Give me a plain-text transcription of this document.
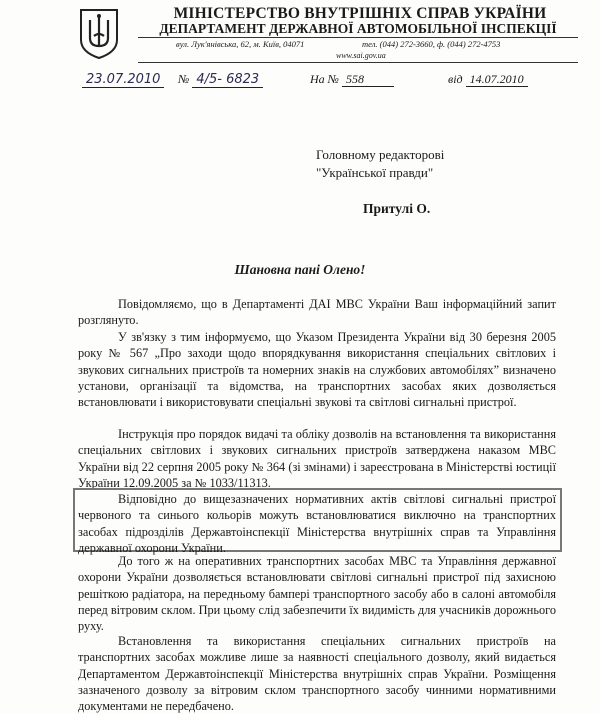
МІНІСТЕРСТВО ВНУТРІШНІХ СПРАВ УКРАЇНИ
ДЕПАРТАМЕНТ ДЕРЖАВНОЇ АВТОМОБІЛЬНОЇ ІНСПЕКЦІЇ
вул. Лук'янівська, 62, м. Київ, 04071	тел. (044) 272-3660, ф. (044) 272-4753
www.sai.gov.ua
23.07.2010	№ 4/5- 6823	На № 558	від 14.07.2010
Головному редакторові
"Української правди"
Притулі О.
Шановна пані Олено!

Повідомляємо, що в Департаменті ДАІ МВС України Ваш інформаційний запит розглянуто.

У зв'язку з тим інформуємо, що Указом Президента України від 30 березня 2005 року № 567 „Про заходи щодо впорядкування використання спеціальних світлових і звукових сигнальних пристроїв та номерних знаків на службових автомобілях” визначено установи, організації та відомства, на транспортних засобах яких дозволяється встановлювати і використовувати спеціальні звукові та світлові сигнальні пристрої.

Інструкція про порядок видачі та обліку дозволів на встановлення та використання спеціальних світлових і звукових сигнальних пристроїв затверджена наказом МВС України від 22 серпня 2005 року № 364 (зі змінами) і зареєстрована в Міністерстві юстиції України 12.09.2005 за № 1033/11313.

Відповідно до вищезазначених нормативних актів світлові сигнальні пристрої червоного та синього кольорів можуть встановлюватися виключно на транспортних засобах підрозділів Державтоінспекції Міністерства внутрішніх справ та Управління державної охорони України.

До того ж на оперативних транспортних засобах МВС та Управління державної охорони України дозволяється встановлювати світлові сигнальні пристрої під захисною решіткою радіатора, на передньому бампері транспортного засобу або в салоні автомобіля перед вітровим склом. При цьому слід забезпечити їх видимість для учасників дорожнього руху.

Встановлення та використання спеціальних сигнальних пристроїв на транспортних засобах можливе лише за наявності спеціального дозволу, який видається Департаментом Державтоінспекції Міністерства внутрішніх справ України. Розміщення зазначеного дозволу за вітровим склом транспортного засобу чинними нормативними документами не передбачено.
